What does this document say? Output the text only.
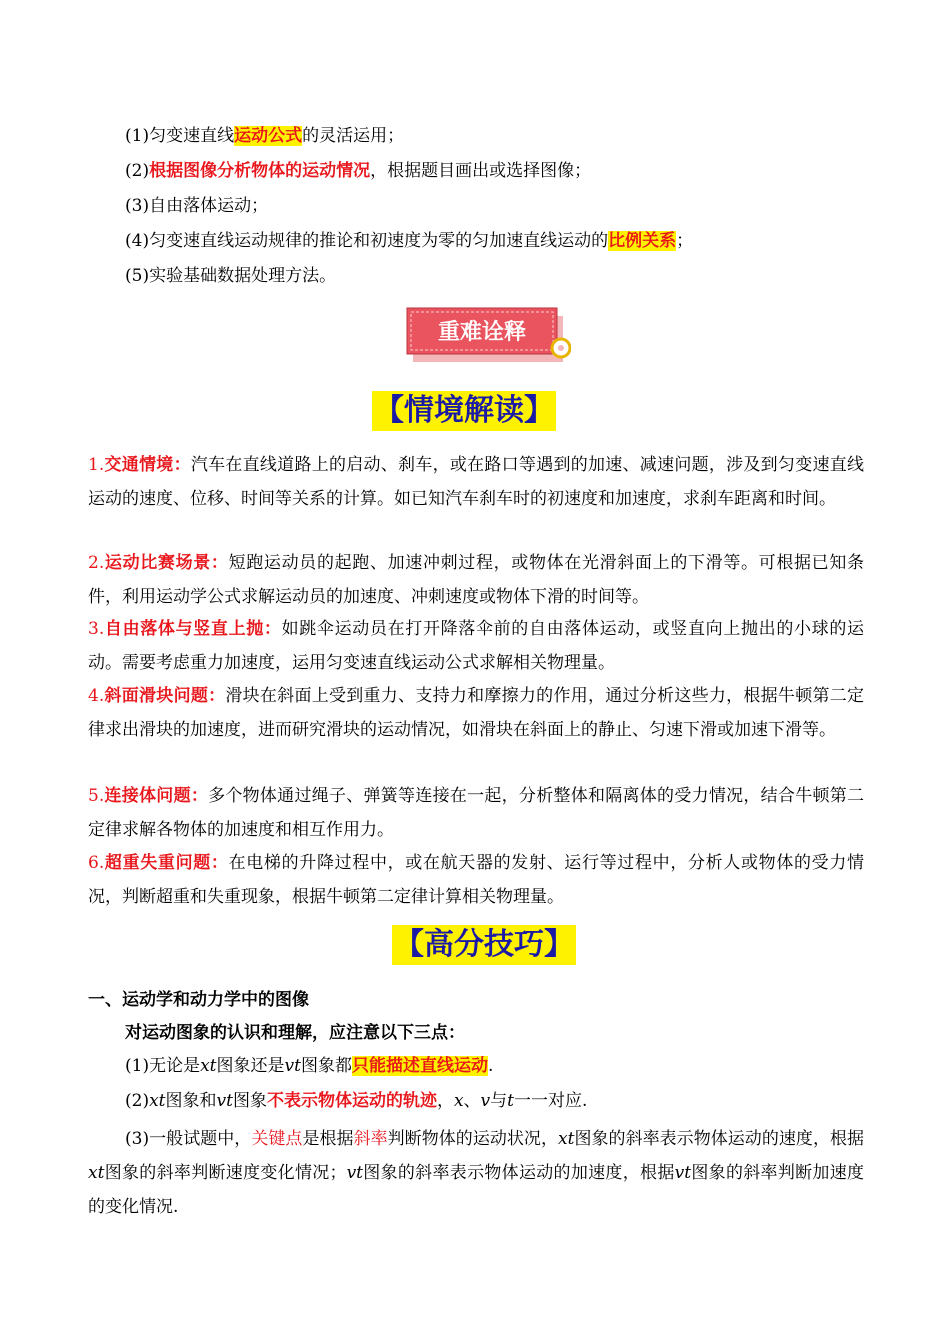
(1)匀变速直线运动公式的灵活运用；
(2)根据图像分析物体的运动情况，根据题目画出或选择图像；
(3)自由落体运动；
(4)匀变速直线运动规律的推论和初速度为零的匀加速直线运动的比例关系；
(5)实验基础数据处理方法。
重难诠释
【情境解读】
1.交通情境：汽车在直线道路上的启动、刹车，或在路口等遇到的加速、减速问题，涉及到匀变速直线运动的速度、位移、时间等关系的计算。如已知汽车刹车时的初速度和加速度，求刹车距离和时间。
2.运动比赛场景：短跑运动员的起跑、加速冲刺过程，或物体在光滑斜面上的下滑等。可根据已知条件，利用运动学公式求解运动员的加速度、冲刺速度或物体下滑的时间等。
3.自由落体与竖直上抛：如跳伞运动员在打开降落伞前的自由落体运动，或竖直向上抛出的小球的运动。需要考虑重力加速度，运用匀变速直线运动公式求解相关物理量。
4.斜面滑块问题：滑块在斜面上受到重力、支持力和摩擦力的作用，通过分析这些力，根据牛顿第二定律求出滑块的加速度，进而研究滑块的运动情况，如滑块在斜面上的静止、匀速下滑或加速下滑等。
5.连接体问题：多个物体通过绳子、弹簧等连接在一起，分析整体和隔离体的受力情况，结合牛顿第二定律求解各物体的加速度和相互作用力。
6.超重失重问题：在电梯的升降过程中，或在航天器的发射、运行等过程中，分析人或物体的受力情况，判断超重和失重现象，根据牛顿第二定律计算相关物理量。
【高分技巧】
一、运动学和动力学中的图像
对运动图象的认识和理解，应注意以下三点：
(1)无论是xt图象还是vt图象都只能描述直线运动.
(2)xt图象和vt图象不表示物体运动的轨迹，x、v与t一一对应.
(3)一般试题中，关键点是根据斜率判断物体的运动状况，xt图象的斜率表示物体运动的速度，根据xt图象的斜率判断速度变化情况；vt图象的斜率表示物体运动的加速度，根据vt图象的斜率判断加速度的变化情况.
